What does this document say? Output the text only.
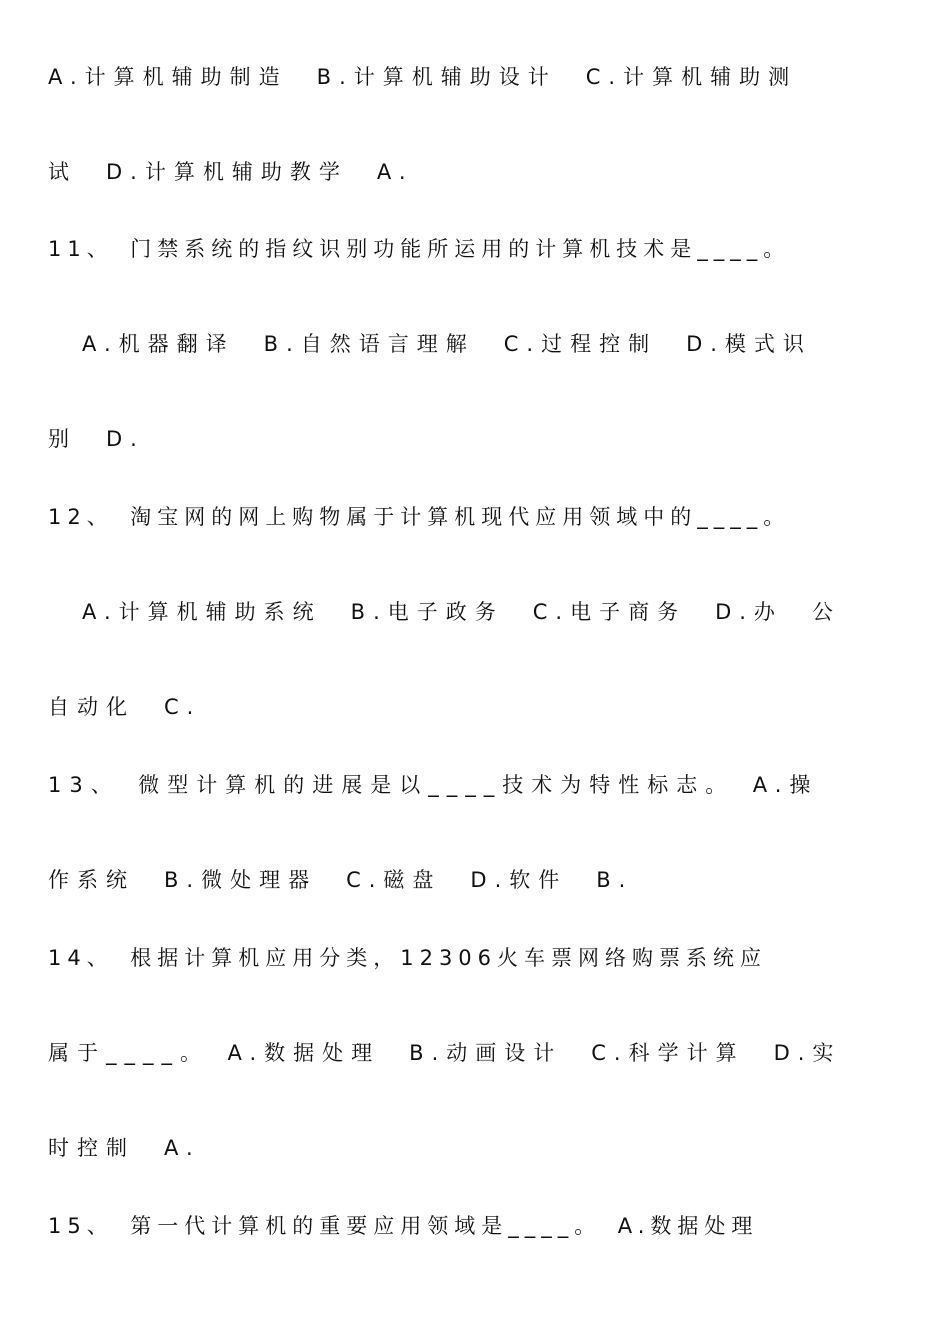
A.计算机辅助制造　B.计算机辅助设计　C.计算机辅助测
试　D.计算机辅助教学　A.
11、　门禁系统的指纹识别功能所运用的计算机技术是____。
A.机器翻译　B.自然语言理解　C.过程控制　D.模式识
别　D.
12、　淘宝网的网上购物属于计算机现代应用领域中的____。
A.计算机辅助系统　B.电子政务　C.电子商务　D.办　公
自动化　C.
13、　微型计算机的进展是以____技术为特性标志。　A.操
作系统　B.微处理器　C.磁盘　D.软件　B.
14、　根据计算机应用分类，12306火车票网络购票系统应
属于____。　A.数据处理　B.动画设计　C.科学计算　D.实
时控制　A.
15、　第一代计算机的重要应用领域是____。　A.数据处理
